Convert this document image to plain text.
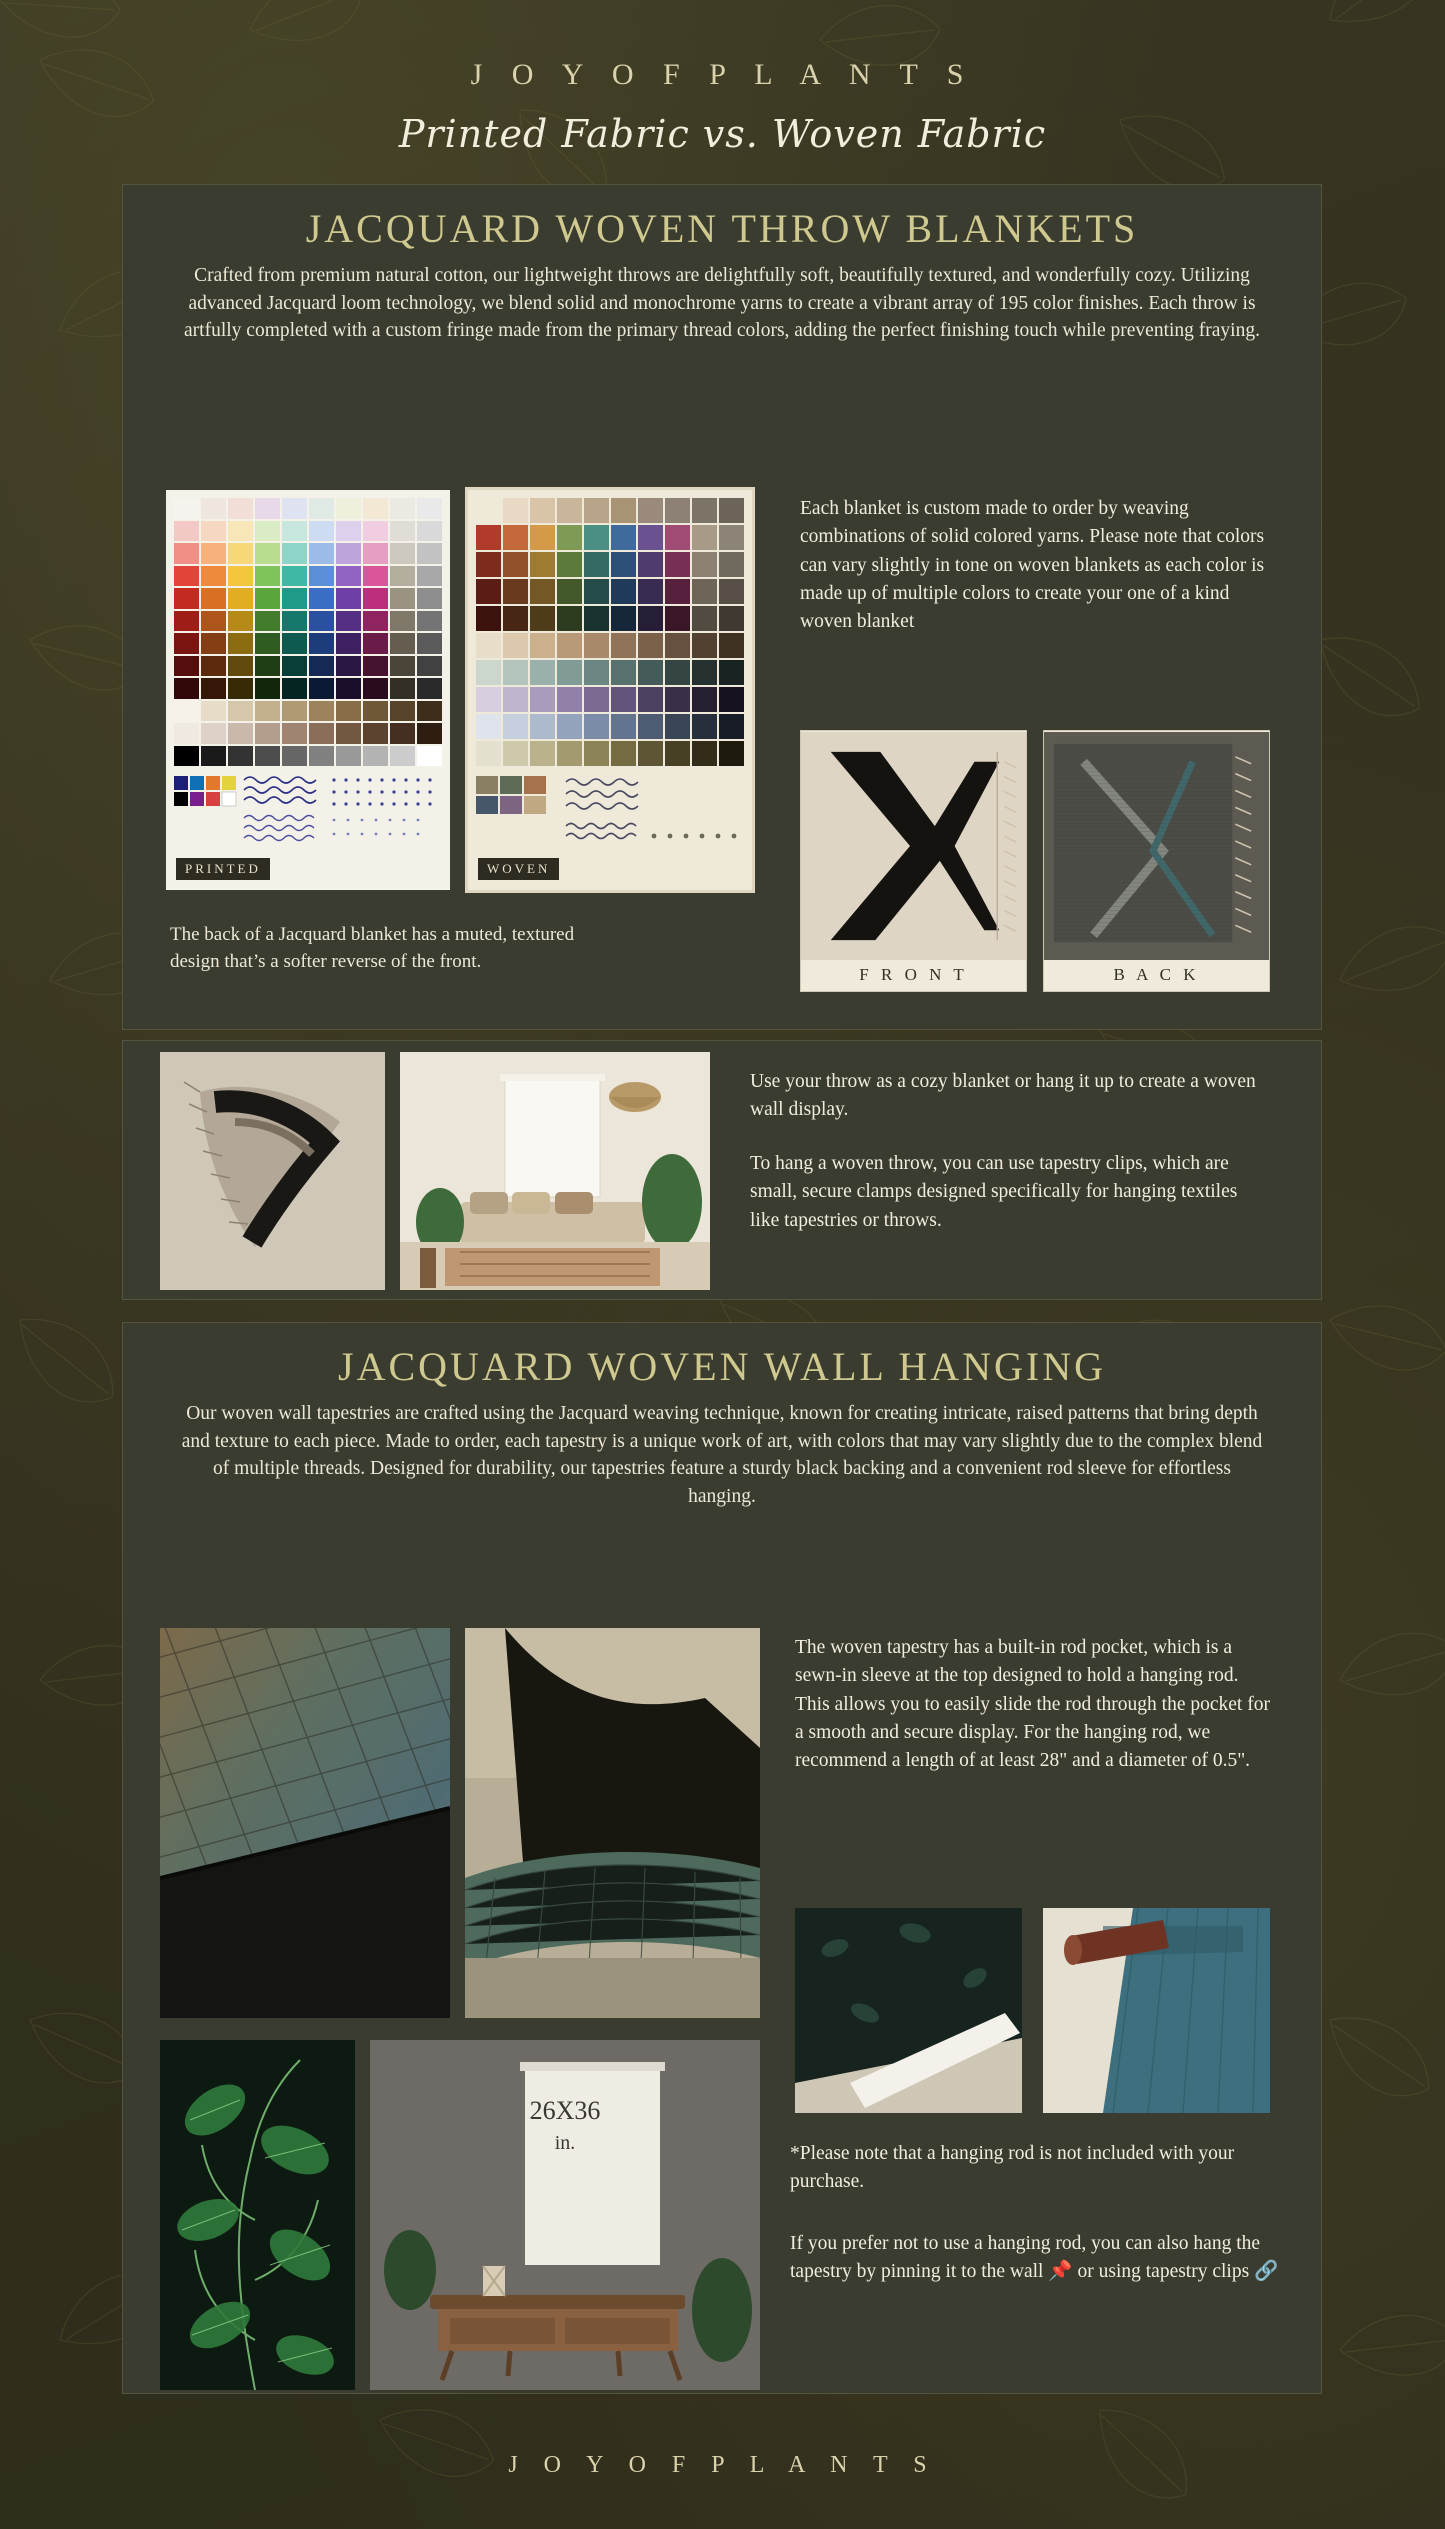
J O Y O F P L A N T S
Printed Fabric vs. Woven Fabric
JACQUARD WOVEN THROW BLANKETS
Crafted from premium natural cotton, our lightweight throws are delightfully soft, beautifully textured, and wonderfully cozy. Utilizing advanced Jacquard loom technology, we blend solid and monochrome yarns to create a vibrant array of 195 color finishes. Each throw is artfully completed with a custom fringe made from the primary thread colors, adding the perfect finishing touch while preventing fraying.
PRINTED	WOVEN
Each blanket is custom made to order by weaving combinations of solid colored yarns. Please note that colors can vary slightly in tone on woven blankets as each color is made up of multiple colors to create your one of a kind woven blanket
The back of a Jacquard blanket has a muted, textured design that’s a softer reverse of the front.
F R O N T	B A C K
Use your throw as a cozy blanket or hang it up to create a woven wall display.
To hang a woven throw, you can use tapestry clips, which are small, secure clamps designed specifically for hanging textiles like tapestries or throws.
JACQUARD WOVEN WALL HANGING
Our woven wall tapestries are crafted using the Jacquard weaving technique, known for creating intricate, raised patterns that bring depth and texture to each piece. Made to order, each tapestry is a unique work of art, with colors that may vary slightly due to the complex blend of multiple threads. Designed for durability, our tapestries feature a sturdy black backing and a convenient rod sleeve for effortless hanging.
The woven tapestry has a built-in rod pocket, which is a sewn-in sleeve at the top designed to hold a hanging rod. This allows you to easily slide the rod through the pocket for a smooth and secure display. For the hanging rod, we recommend a length of at least 28" and a diameter of 0.5".
26X36
in.	*Please note that a hanging rod is not included with your purchase.
If you prefer not to use a hanging rod, you can also hang the tapestry by pinning it to the wall 📌 or using tapestry clips 🔗
J O Y O F P L A N T S
